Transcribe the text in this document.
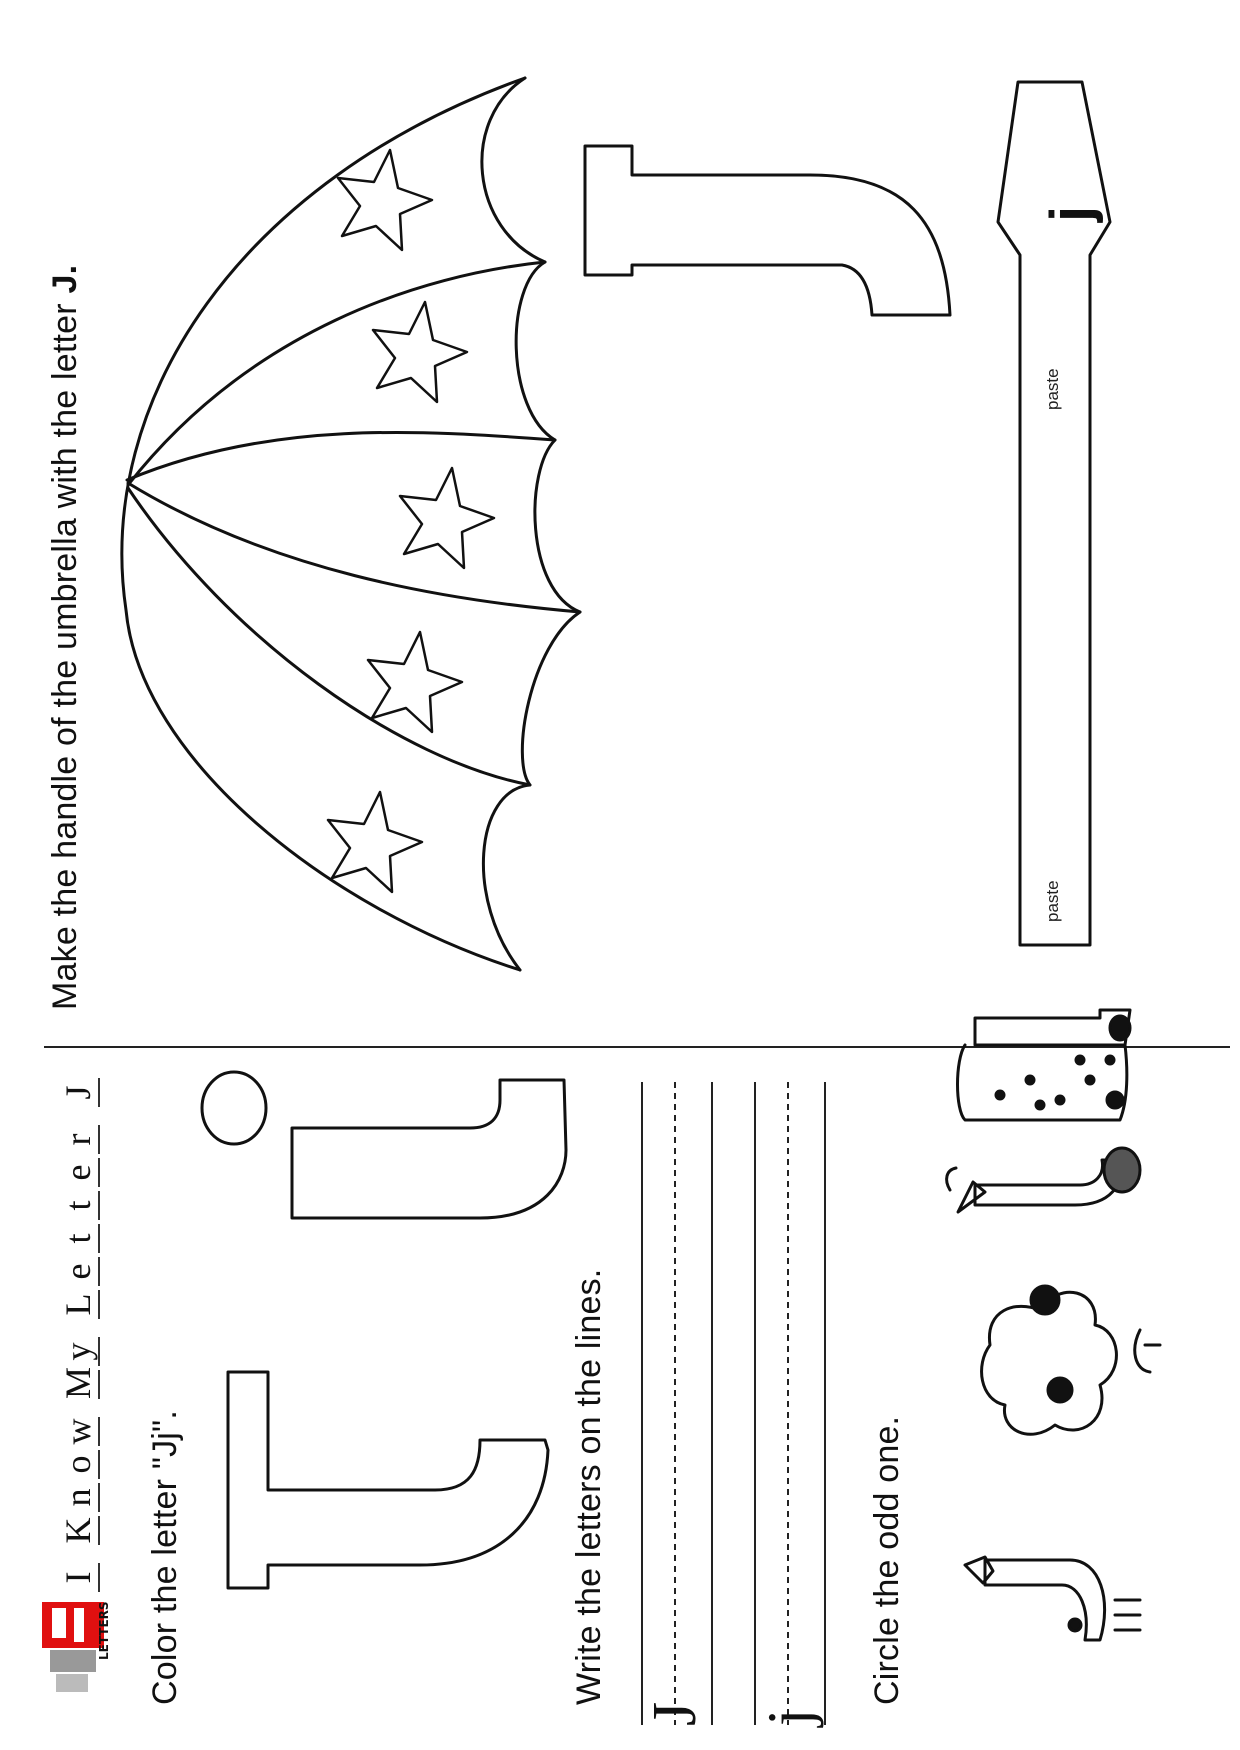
Make the handle of the umbrella with the letter J.
j
paste
paste
LETTERS
I
K
n
o
w
M
y
L
e
t
t
e
r
J
Color the letter "Jj".	Write the letters on the lines.
J j
Circle the odd one.
